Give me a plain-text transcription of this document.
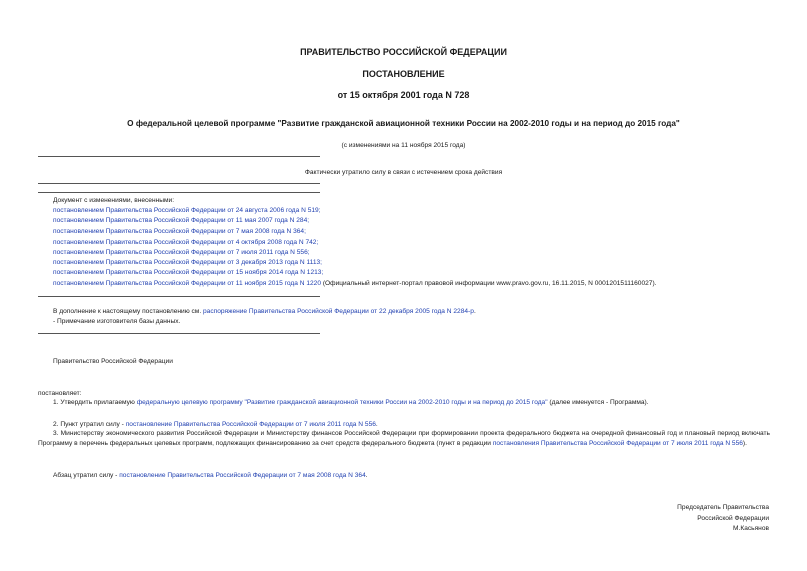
ПРАВИТЕЛЬСТВО РОССИЙСКОЙ ФЕДЕРАЦИИ
ПОСТАНОВЛЕНИЕ
от 15 октября 2001 года N 728
О федеральной целевой программе "Развитие гражданской авиационной техники России на 2002-2010 годы и на период до 2015 года"
(с изменениями на 11 ноября 2015 года)
Фактически утратило силу в связи с истечением срока действия
Документ с изменениями, внесенными:
постановлением Правительства Российской Федерации от 24 августа 2006 года N 519;
постановлением Правительства Российской Федерации от 11 мая 2007 года N 284;
постановлением Правительства Российской Федерации от 7 мая 2008 года N 364;
постановлением Правительства Российской Федерации от 4 октября 2008 года N 742;
постановлением Правительства Российской Федерации от 7 июля 2011 года N 556;
постановлением Правительства Российской Федерации от 3 декабря 2013 года N 1113;
постановлением Правительства Российской Федерации от 15 ноября 2014 года N 1213;
постановлением Правительства Российской Федерации от 11 ноября 2015 года N 1220 (Официальный интернет-портал правовой информации www.pravo.gov.ru, 16.11.2015, N 0001201511160027).
В дополнение к настоящему постановлению см. распоряжение Правительства Российской Федерации от 22 декабря 2005 года N 2284-р.
- Примечание изготовителя базы данных.
Правительство Российской Федерации
постановляет:
1. Утвердить прилагаемую федеральную целевую программу "Развитие гражданской авиационной техники России на 2002-2010 годы и на период до 2015 года" (далее именуется - Программа).
2. Пункт утратил силу - постановление Правительства Российской Федерации от 7 июля 2011 года N 556.
3. Министерству экономического развития Российской Федерации и Министерству финансов Российской Федерации при формировании проекта федерального бюджета на очередной финансовый год и плановый период включать Программу в перечень федеральных целевых программ, подлежащих финансированию за счет средств федерального бюджета (пункт в редакции постановления Правительства Российской Федерации от 7 июля 2011 года N 556).
Абзац утратил силу - постановление Правительства Российской Федерации от 7 мая 2008 года N 364.
Председатель Правительства
Российской Федерации
М.Касьянов
